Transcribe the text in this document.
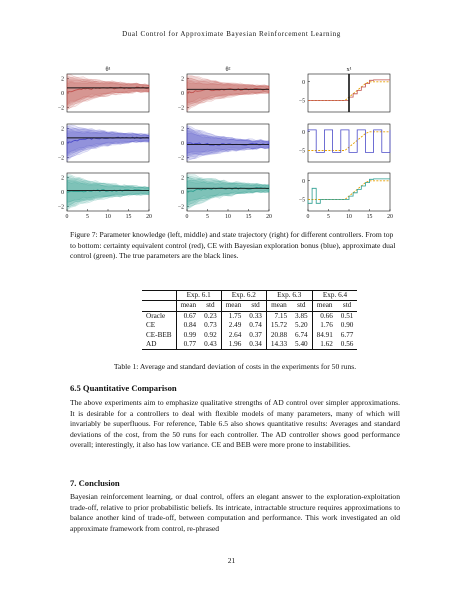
Dual Control for Approximate Bayesian Reinforcement Learning
θ¹	θ²	x¹
2
0
−2
2
0
−2
0
−5
2
0
−2
2
0
−2
0
−5
2
0
−2
0	5	10	15	20
2
0
−2
0	5	10	15	20
0
−5
0	5	10	15	20
Figure 7: Parameter knowledge (left, middle) and state trajectory (right) for different controllers. From top to bottom: certainty equivalent control (red), CE with Bayesian exploration bonus (blue), approximate dual control (green). The true parameters are the black lines.
	Exp. 6.1		Exp. 6.2		Exp. 6.3		Exp. 6.4	
	mean	std	mean	std	mean	std	mean	std
Oracle	0.67	0.23	1.75	0.33	7.15	3.85	0.66	0.51
CE	0.84	0.73	2.49	0.74	15.72	5.20	1.76	0.90
CE-BEB	0.99	0.92	2.64	0.37	20.88	6.74	84.91	6.77
AD	0.77	0.43	1.96	0.34	14.33	5.40	1.62	0.56
Table 1: Average and standard deviation of costs in the experiments for 50 runs.
6.5 Quantitative Comparison
The above experiments aim to emphasize qualitative strengths of AD control over simpler approximations. It is desirable for a controllers to deal with flexible models of many parameters, many of which will invariably be superfluous. For reference, Table 6.5 also shows quantitative results: Averages and standard deviations of the cost, from the 50 runs for each controller. The AD controller shows good performance overall; interestingly, it also has low variance. CE and BEB were more prone to instabilities.
7. Conclusion
Bayesian reinforcement learning, or dual control, offers an elegant answer to the exploration-exploitation trade-off, relative to prior probabilistic beliefs. Its intricate, intractable structure requires approximations to balance another kind of trade-off, between computation and performance. This work investigated an old approximate framework from control, re-phrased
21
